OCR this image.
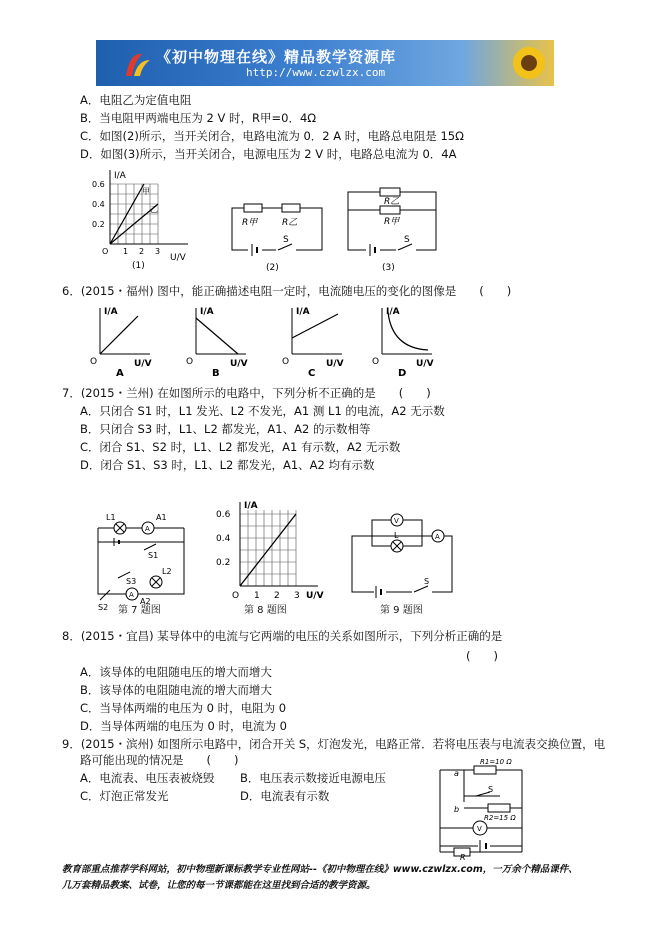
《初中物理在线》精品教学资源库
http://www.czwlzx.com
A．电阻乙为定值电阻
B．当电阻甲两端电压为 2 V 时，R甲=0．4Ω
C．如图(2)所示，当开关闭合，电路电流为 0．2 A 时，电路总电阻是 15Ω
D．如图(3)所示，当开关闭合，电源电压为 2 V 时，电路总电流为 0．4A
I/A
U/V
0.6
0.4
0.2
O 1 2 3
甲
乙
(1)
R甲	R乙
S
(2)
R乙
R甲
S
(3)
6．(2015・福州) 图中，能正确描述电阻一定时，电流随电压的变化的图像是　　(　　)
I/A
U/V
O
A
I/A
U/V
O
B
I/A
U/V
O
C
I/A
U/V
O
D
7．(2015・兰州) 在如图所示的电路中，下列分析不正确的是　　(　　)
A．只闭合 S1 时，L1 发光、L2 不发光，A1 测 L1 的电流，A2 无示数
B．只闭合 S3 时，L1、L2 都发光，A1、A2 的示数相等
C．闭合 S1、S2 时，L1、L2 都发光，A1 有示数，A2 无示数
D．闭合 S1、S3 时，L1、L2 都发光，A1、A2 均有示数
A
L1	A1
S1
S3
L2
A
A2
S2
I/A
0.6
0.4
0.2
O 1 2 3 U/V
V
L	A
S
第 7 题图	第 8 题图	第 9 题图
8．(2015・宜昌) 某导体中的电流与它两端的电压的关系如图所示，下列分析正确的是
(　　)
A．该导体的电阻随电压的增大而增大
B．该导体的电阻随电流的增大而增大
C．当导体两端的电压为 0 时，电阻为 0
D．当导体两端的电压为 0 时，电流为 0
9．(2015・滨州) 如图所示电路中，闭合开关 S，灯泡发光，电路正常．若将电压表与电流表交换位置，电
路可能出现的情况是　　(　　)
A．电流表、电压表被烧毁 B．电压表示数接近电源电压
C．灯泡正常发光	D．电流表有示数
R1=10 Ω
a
S
b
R2=15 Ω
V
R
教育部重点推荐学科网站，初中物理新课标教学专业性网站--《初中物理在线》www.czwlzx.com，一万余个精品课件、
几万套精品教案、试卷，让您的每一节课都能在这里找到合适的教学资源。
